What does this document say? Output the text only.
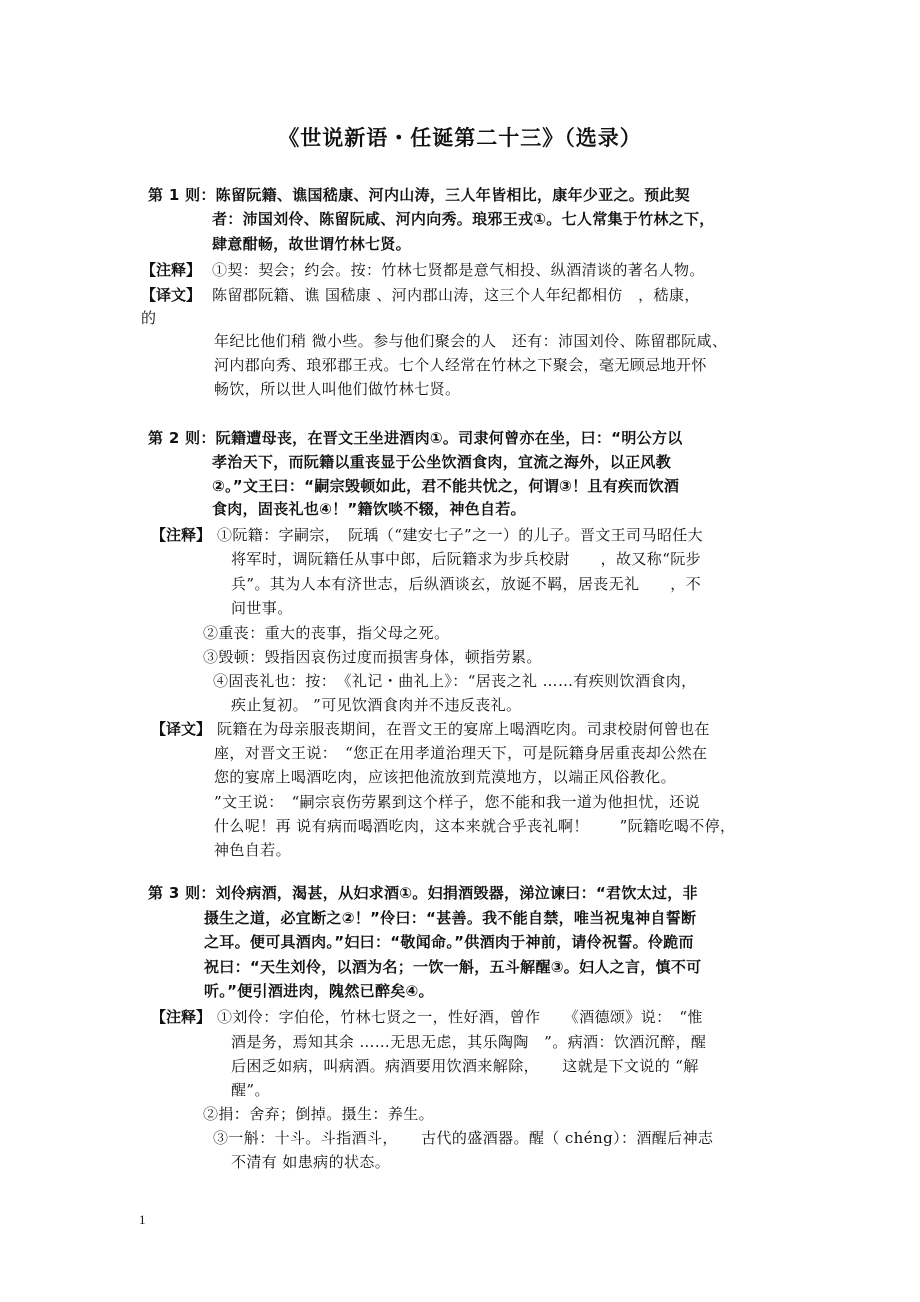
《世说新语・任诞第二十三》（选录）
第 1 则：陈留阮籍、谯国嵇康、河内山涛，三人年皆相比，康年少亚之。预此契
者：沛国刘伶、陈留阮咸、河内向秀。琅邪王戎①。七人常集于竹林之下，
肆意酣畅，故世谓竹林七贤。
【注释】 ①契：契会；约会。按：竹林七贤都是意气相投、纵酒清谈的著名人物。
【译文】 陈留郡阮籍、谯 国嵇康 、河内郡山涛，这三个人年纪都相仿　，嵇康，
的
年纪比他们稍 微小些。参与他们聚会的人　还有：沛国刘伶、陈留郡阮咸、
河内郡向秀、琅邪郡王戎。七个人经常在竹林之下聚会，毫无顾忌地开怀
畅饮，所以世人叫他们做竹林七贤。
第 2 则：阮籍遭母丧，在晋文王坐进酒肉①。司隶何曾亦在坐，曰：“明公方以
孝治天下，而阮籍以重丧显于公坐饮酒食肉，宜流之海外，以正风教
②。”文王曰：“嗣宗毁顿如此，君不能共忧之，何谓③！且有疾而饮酒
食肉，固丧礼也④！”籍饮啖不辍，神色自若。
【注释】 ①阮籍：字嗣宗，　阮瑀（“建安七子”之一）的儿子。晋文王司马昭任大
将军时，调阮籍任从事中郎，后阮籍求为步兵校尉　　，故又称“阮步
兵”。其为人本有济世志，后纵酒谈玄，放诞不羁，居丧无礼　　，不
问世事。
②重丧：重大的丧事，指父母之死。
③毁顿：毁指因哀伤过度而损害身体，顿指劳累。
④固丧礼也：按：　《礼记・曲礼上》：“居丧之礼 ……有疾则饮酒食肉，
疾止复初。 ”可见饮酒食肉并不违反丧礼。
【译文】 阮籍在为母亲服丧期间，在晋文王的宴席上喝酒吃肉。司隶校尉何曾也在
座，对晋文王说：　“您正在用孝道治理天下，可是阮籍身居重丧却公然在
您的宴席上喝酒吃肉，应该把他流放到荒漠地方，以端正风俗教化。
”文王说：　“嗣宗哀伤劳累到这个样子，您不能和我一道为他担忧，还说
什么呢！再 说有病而喝酒吃肉，这本来就合乎丧礼啊！　　”阮籍吃喝不停，
神色自若。
第 3 则：刘伶病酒，渴甚，从妇求酒①。妇捐酒毁器，涕泣谏曰：“君饮太过，非
摄生之道，必宜断之②！”伶曰：“甚善。我不能自禁，唯当祝鬼神自誓断
之耳。便可具酒肉。”妇曰：“敬闻命。”供酒肉于神前，请伶祝誓。伶跪而
祝曰：“天生刘伶，以酒为名；一饮一斛，五斗解醒③。妇人之言，慎不可
听。”便引酒进肉，隗然已醉矣④。
【注释】 ①刘伶：字伯伦，竹林七贤之一，性好酒，曾作　　《酒德颂》说：　“惟
酒是务，焉知其余 ……无思无虑，其乐陶陶　”。病酒：饮酒沉醉，醒
后困乏如病，叫病酒。病酒要用饮酒来解除，　　这就是下文说的 “解
醒”。
②捐：舍弃；倒掉。摄生：养生。
③一斛：十斗。斗指酒斗，　　古代的盛酒器。醒（ chéng）：酒醒后神志
不清有 如患病的状态。
1
